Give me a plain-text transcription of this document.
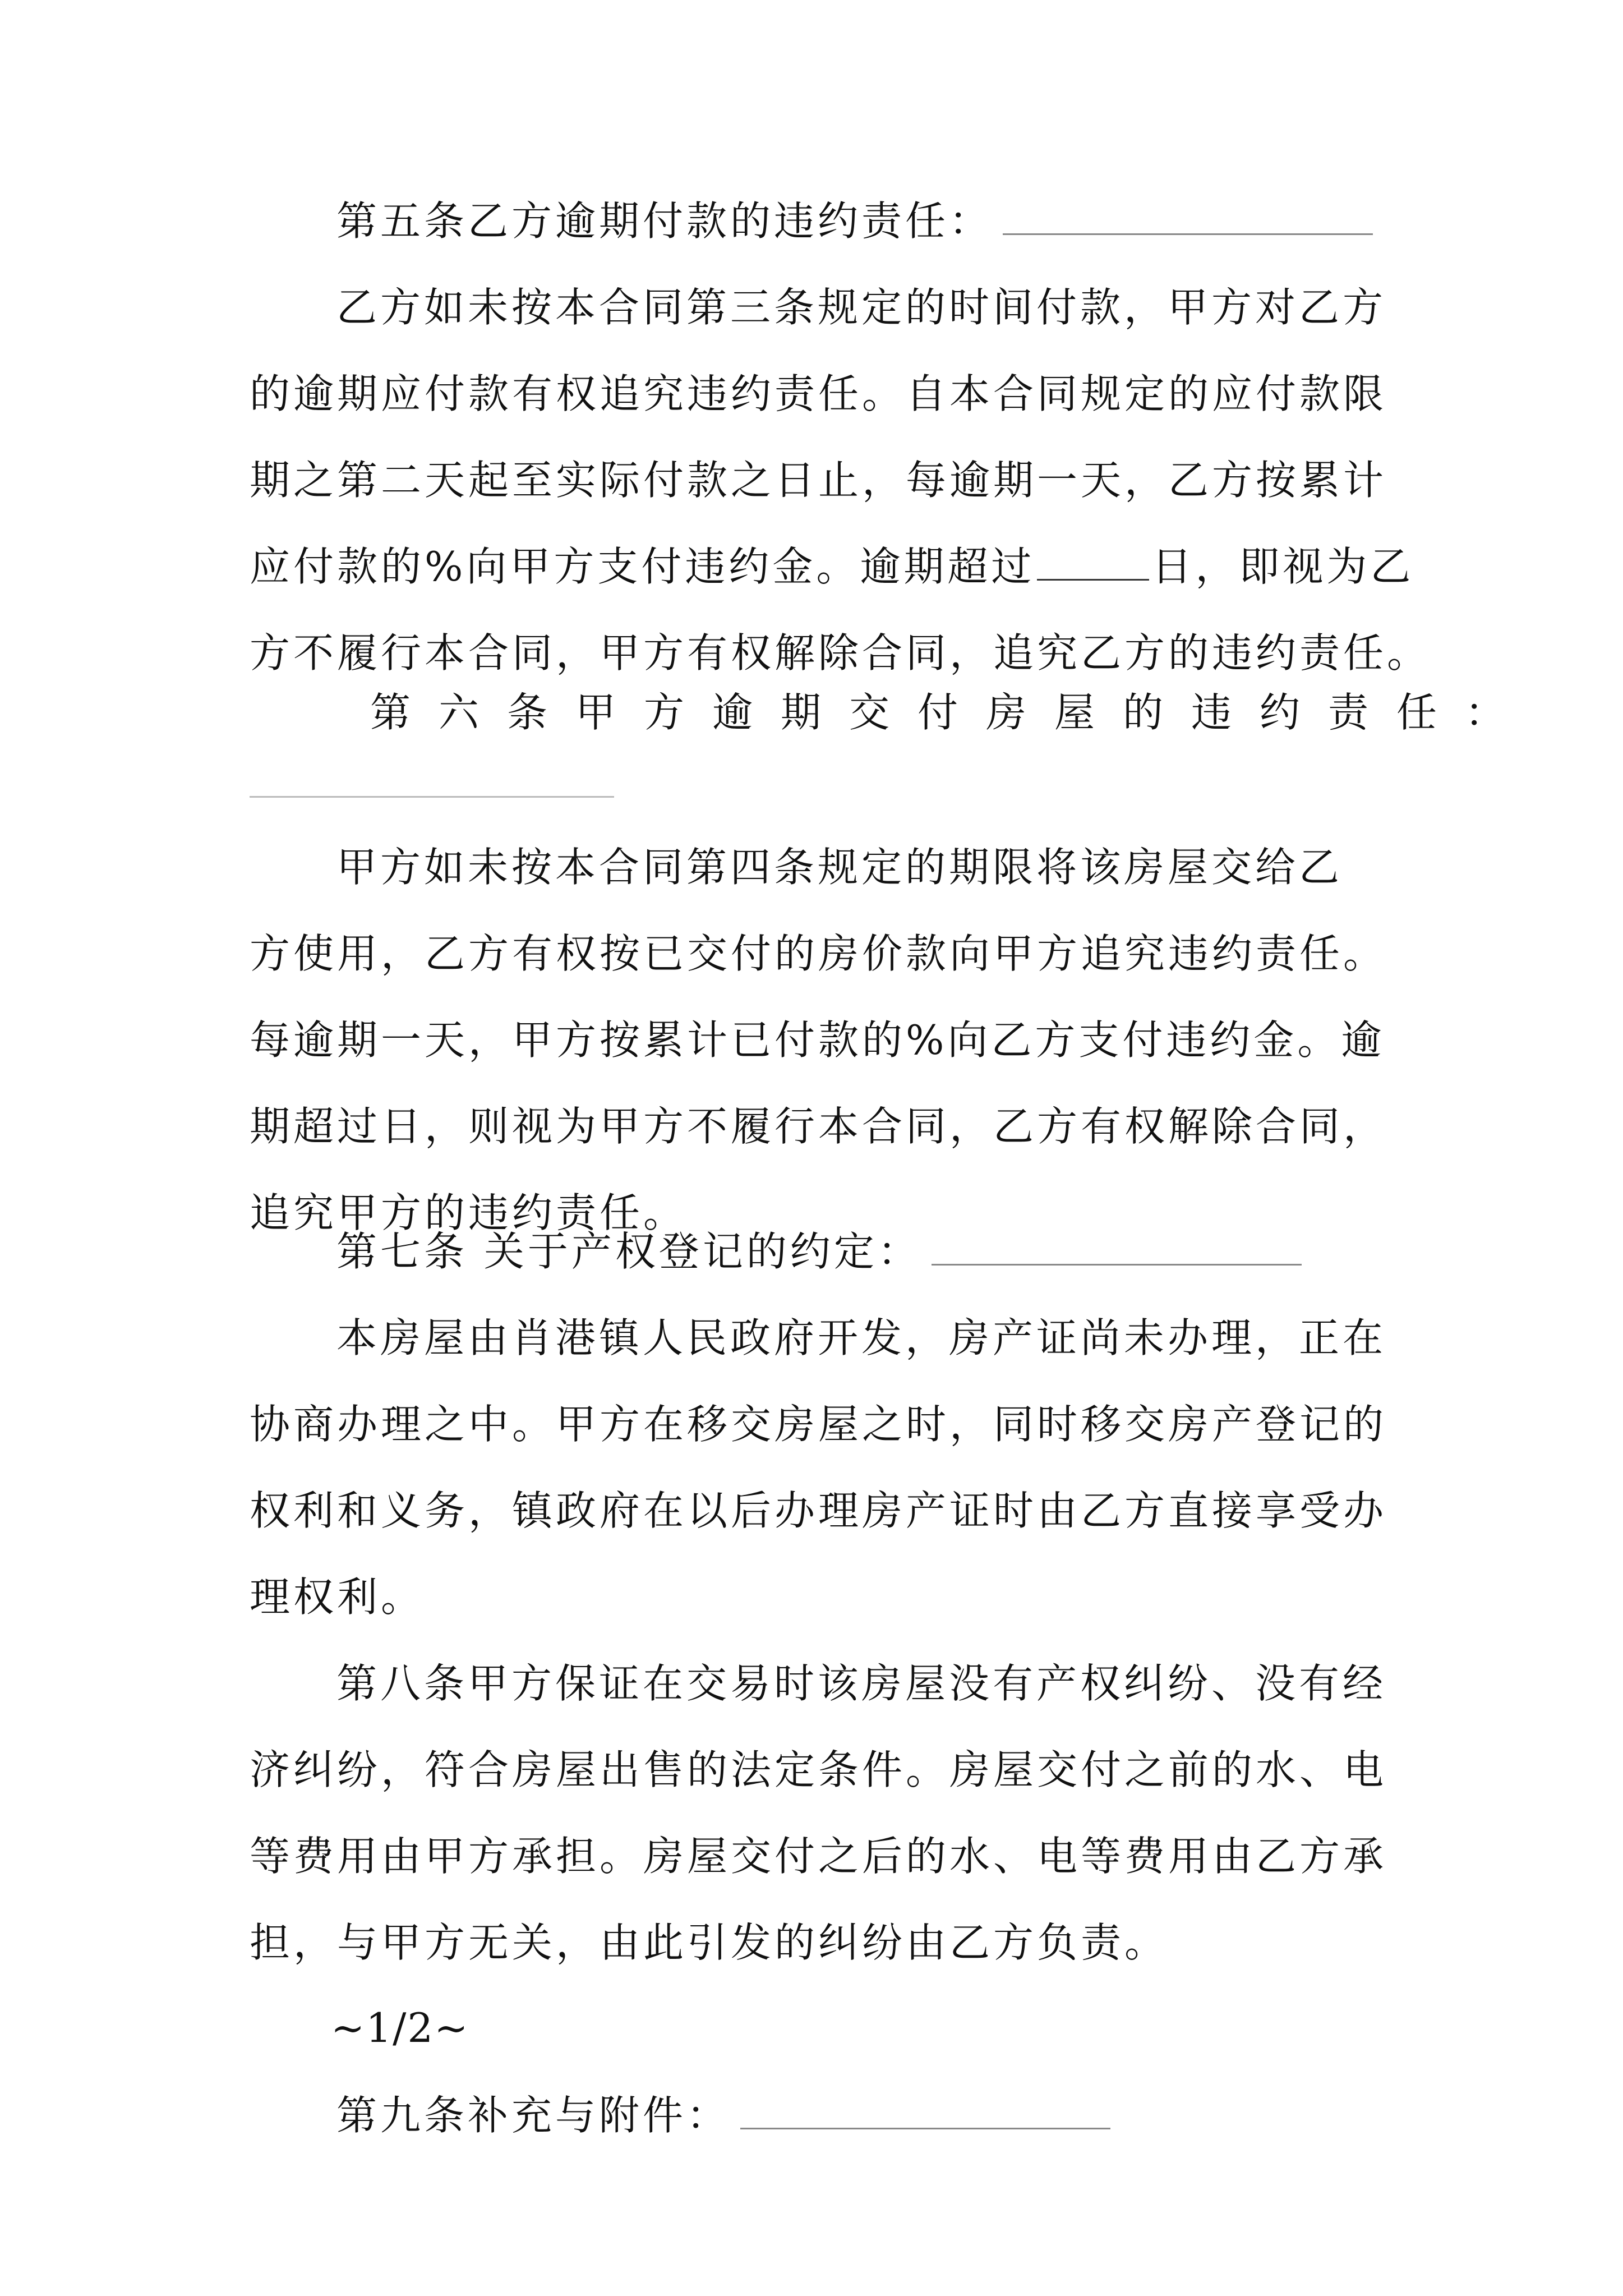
第五条乙方逾期付款的违约责任：
乙方如未按本合同第三条规定的时间付款，甲方对乙方
的逾期应付款有权追究违约责任。自本合同规定的应付款限
期之第二天起至实际付款之日止，每逾期一天，乙方按累计
应付款的%向甲方支付违约金。逾期超过	日，即视为乙
方不履行本合同，甲方有权解除合同，追究乙方的违约责任。
第六条甲方逾期交付房屋的违约责任：
甲方如未按本合同第四条规定的期限将该房屋交给乙
方使用，乙方有权按已交付的房价款向甲方追究违约责任。
每逾期一天，甲方按累计已付款的%向乙方支付违约金。逾
期超过日，则视为甲方不履行本合同，乙方有权解除合同，
追究甲方的违约责任。
第七条 关于产权登记的约定：
本房屋由肖港镇人民政府开发，房产证尚未办理，正在
协商办理之中。甲方在移交房屋之时，同时移交房产登记的
权利和义务，镇政府在以后办理房产证时由乙方直接享受办
理权利。
第八条甲方保证在交易时该房屋没有产权纠纷、没有经
济纠纷，符合房屋出售的法定条件。房屋交付之前的水、电
等费用由甲方承担。房屋交付之后的水、电等费用由乙方承
担，与甲方无关，由此引发的纠纷由乙方负责。
~1/2~
第九条补充与附件：
